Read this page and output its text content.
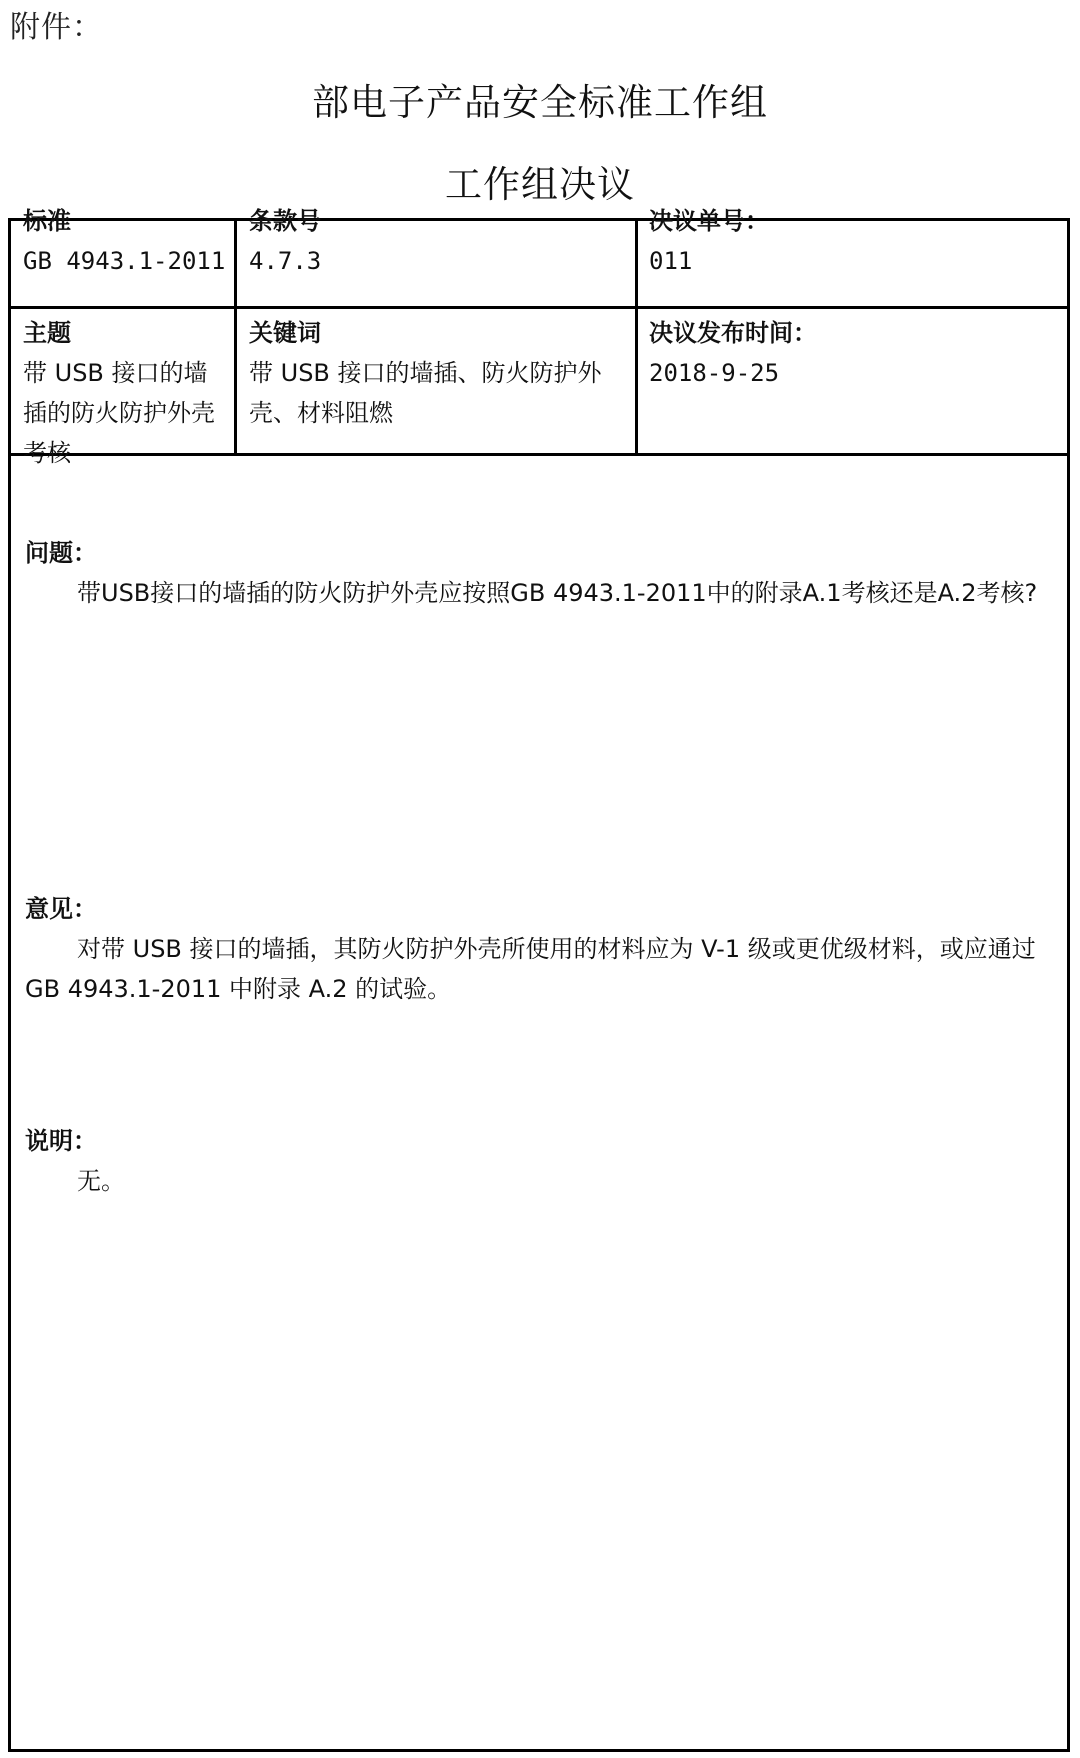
附件：
部电子产品安全标准工作组
工作组决议
标准
GB 4943.1-2011
条款号
4.7.3
决议单号：
011
主题
带 USB 接口的墙插的防火防护外壳考核
关键词
带 USB 接口的墙插、防火防护外壳、材料阻燃
决议发布时间：
2018-9-25
问题：
带USB接口的墙插的防火防护外壳应按照GB 4943.1-2011中的附录A.1考核还是A.2考核?
意见：
对带 USB 接口的墙插，其防火防护外壳所使用的材料应为 V-1 级或更优级材料，或应通过 GB 4943.1-2011 中附录 A.2 的试验。
说明：
无。
